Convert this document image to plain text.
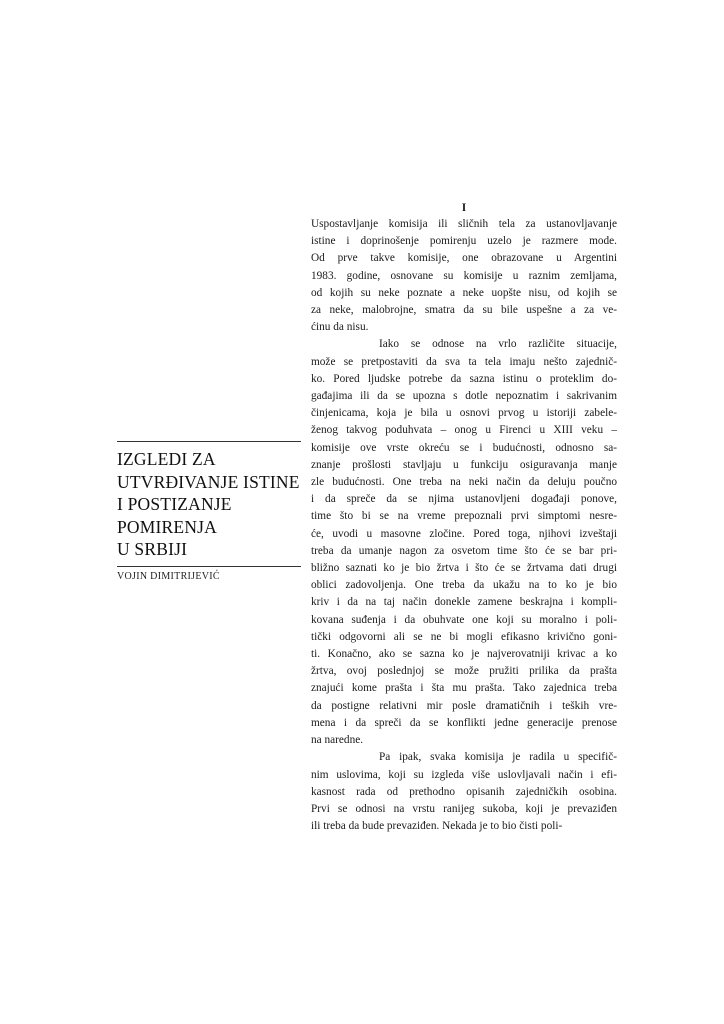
IZGLEDI ZA
UTVRĐIVANJE ISTINE
I POSTIZANJE
POMIRENJA
U SRBIJI
VOJIN DIMITRIJEVIĆ
I

Uspostavljanje komisija ili sličnih tela za ustanovljavanje
istine i doprinošenje pomirenju uzelo je razmere mode.
Od prve takve komisije, one obrazovane u Argentini
1983. godine, osnovane su komisije u raznim zemljama,
od kojih su neke poznate a neke uopšte nisu, od kojih se
za neke, malobrojne, smatra da su bile uspešne a za ve-
ćinu da nisu.

Iako se odnose na vrlo različite situacije,
može se pretpostaviti da sva ta tela imaju nešto zajednič-
ko. Pored ljudske potrebe da sazna istinu o proteklim do-
gađajima ili da se upozna s dotle nepoznatim i sakrivanim
činjenicama, koja je bila u osnovi prvog u istoriji zabele-
ženog takvog poduhvata – onog u Firenci u XIII veku –
komisije ove vrste okreću se i budućnosti, odnosno sa-
znanje prošlosti stavljaju u funkciju osiguravanja manje
zle budućnosti. One treba na neki način da deluju poučno
i da spreče da se njima ustanovljeni događaji ponove,
time što bi se na vreme prepoznali prvi simptomi nesre-
će, uvodi u masovne zločine. Pored toga, njihovi izveštaji
treba da umanje nagon za osvetom time što će se bar pri-
bližno saznati ko je bio žrtva i što će se žrtvama dati drugi
oblici zadovoljenja. One treba da ukažu na to ko je bio
kriv i da na taj način donekle zamene beskrajna i kompli-
kovana suđenja i da obuhvate one koji su moralno i poli-
tički odgovorni ali se ne bi mogli efikasno krivično goni-
ti. Konačno, ako se sazna ko je najverovatniji krivac a ko
žrtva, ovoj poslednjoj se može pružiti prilika da prašta
znajući kome prašta i šta mu prašta. Tako zajednica treba
da postigne relativni mir posle dramatičnih i teških vre-
mena i da spreči da se konflikti jedne generacije prenose
na naredne.

Pa ipak, svaka komisija je radila u specifič-
nim uslovima, koji su izgleda više uslovljavali način i efi-
kasnost rada od prethodno opisanih zajedničkih osobina.
Prvi se odnosi na vrstu ranijeg sukoba, koji je prevaziđen
ili treba da bude prevaziđen. Nekada je to bio čisti poli-
